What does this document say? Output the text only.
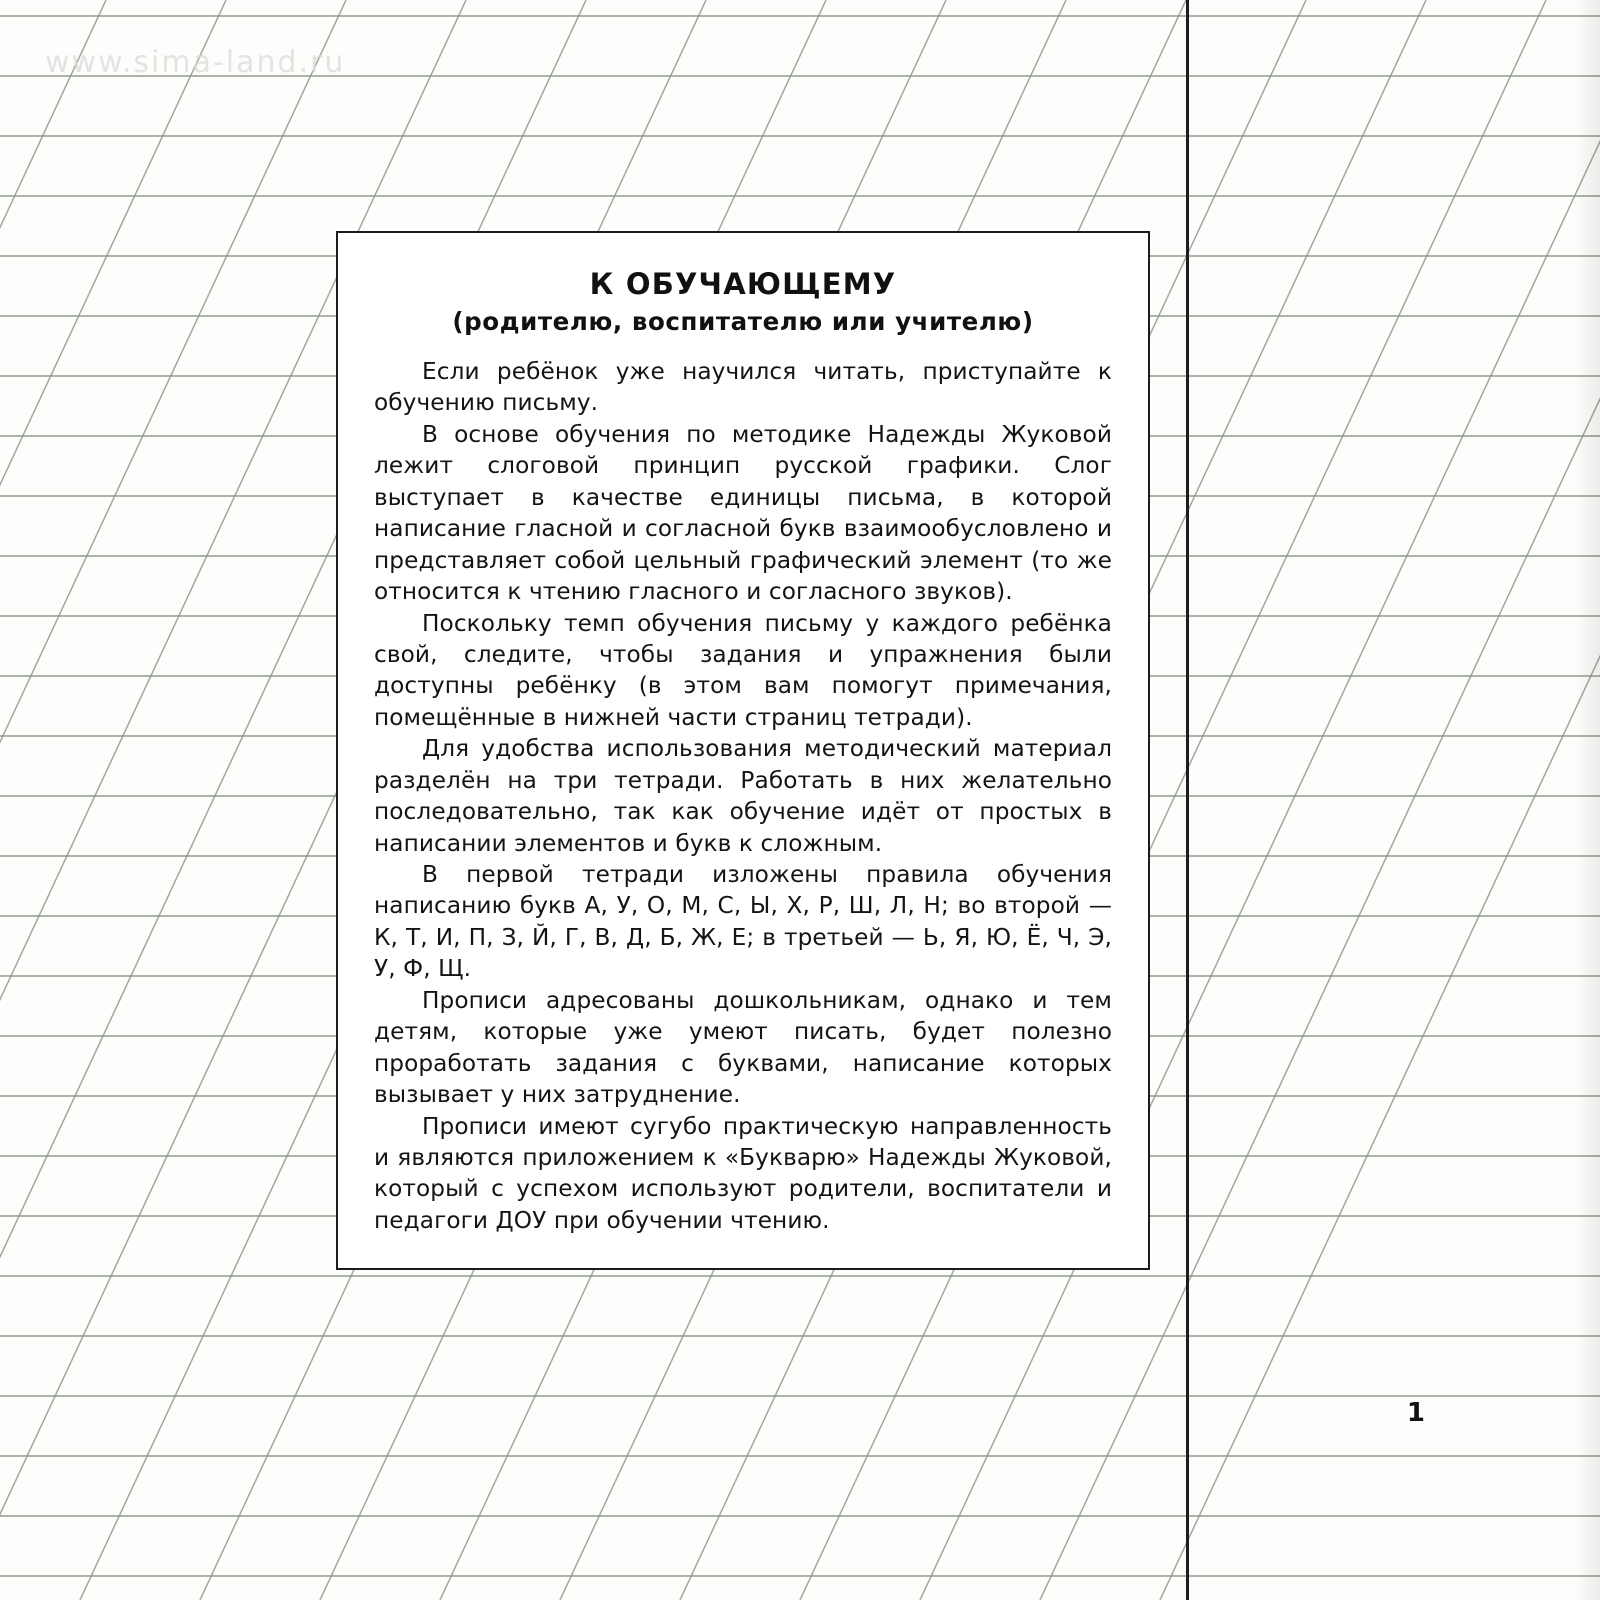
www.sima-land.ru
К ОБУЧАЮЩЕМУ
(родителю, воспитателю или учителю)

Если ребёнок уже научился читать, приступайте к обучению письму.

В основе обучения по методике Надежды Жуковой лежит слоговой принцип русской графики. Слог выступает в качестве единицы письма, в которой написание гласной и согласной букв взаимообусловлено и представляет собой цельный графический элемент (то же относится к чтению гласного и согласного звуков).

Поскольку темп обучения письму у каждого ребёнка свой, следите, чтобы задания и упражнения были доступны ребёнку (в этом вам помогут примечания, помещённые в нижней части страниц тетради).

Для удобства использования методический материал разделён на три тетради. Работать в них желательно последовательно, так как обучение идёт от простых в написании элементов и букв к сложным.

В первой тетради изложены правила обучения написанию букв А, У, О, М, С, Ы, Х, Р, Ш, Л, Н; во второй — К, Т, И, П, З, Й, Г, В, Д, Б, Ж, Е; в третьей — Ь, Я, Ю, Ё, Ч, Э, У, Ф, Щ.

Прописи адресованы дошкольникам, однако и тем детям, которые уже умеют писать, будет полезно проработать задания с буквами, написание которых вызывает у них затруднение.

Прописи имеют сугубо практическую направленность и являются приложением к «Букварю» Надежды Жуковой, который с успехом используют родители, воспитатели и педагоги ДОУ при обучении чтению.

1
